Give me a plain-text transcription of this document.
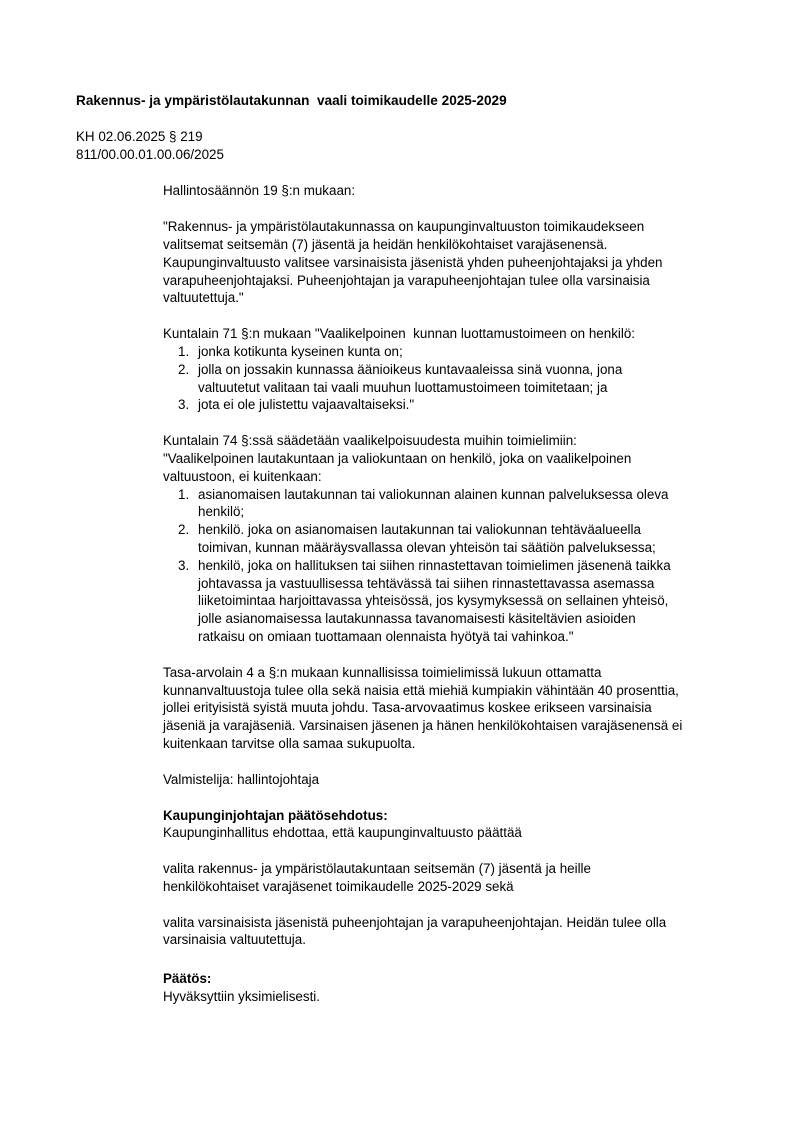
Rakennus- ja ympäristölautakunnan  vaali toimikaudelle 2025-2029
KH 02.06.2025 § 219
811/00.00.01.00.06/2025
Hallintosäännön 19 §:n mukaan:
"Rakennus- ja ympäristölautakunnassa on kaupunginvaltuuston toimikaudekseen
valitsemat seitsemän (7) jäsentä ja heidän henkilökohtaiset varajäsenensä.
Kaupunginvaltuusto valitsee varsinaisista jäsenistä yhden puheenjohtajaksi ja yhden
varapuheenjohtajaksi. Puheenjohtajan ja varapuheenjohtajan tulee olla varsinaisia
valtuutettuja."
Kuntalain 71 §:n mukaan "Vaalikelpoinen  kunnan luottamustoimeen on henkilö:
1. jonka kotikunta kyseinen kunta on;
2. jolla on jossakin kunnassa äänioikeus kuntavaaleissa sinä vuonna, jona
valtuutetut valitaan tai vaali muuhun luottamustoimeen toimitetaan; ja
3. jota ei ole julistettu vajaavaltaiseksi."
Kuntalain 74 §:ssä säädetään vaalikelpoisuudesta muihin toimielimiin:
"Vaalikelpoinen lautakuntaan ja valiokuntaan on henkilö, joka on vaalikelpoinen
valtuustoon, ei kuitenkaan:
1. asianomaisen lautakunnan tai valiokunnan alainen kunnan palveluksessa oleva
henkilö;
2. henkilö. joka on asianomaisen lautakunnan tai valiokunnan tehtäväalueella
toimivan, kunnan määräysvallassa olevan yhteisön tai säätiön palveluksessa;
3. henkilö, joka on hallituksen tai siihen rinnastettavan toimielimen jäsenenä taikka
johtavassa ja vastuullisessa tehtävässä tai siihen rinnastettavassa asemassa
liiketoimintaa harjoittavassa yhteisössä, jos kysymyksessä on sellainen yhteisö,
jolle asianomaisessa lautakunnassa tavanomaisesti käsiteltävien asioiden
ratkaisu on omiaan tuottamaan olennaista hyötyä tai vahinkoa."
Tasa-arvolain 4 a §:n mukaan kunnallisissa toimielimissä lukuun ottamatta
kunnanvaltuustoja tulee olla sekä naisia että miehiä kumpiakin vähintään 40 prosenttia,
jollei erityisistä syistä muuta johdu. Tasa-arvovaatimus koskee erikseen varsinaisia
jäseniä ja varajäseniä. Varsinaisen jäsenen ja hänen henkilökohtaisen varajäsenensä ei
kuitenkaan tarvitse olla samaa sukupuolta.
Valmistelija: hallintojohtaja
Kaupunginjohtajan päätösehdotus:
Kaupunginhallitus ehdottaa, että kaupunginvaltuusto päättää
valita rakennus- ja ympäristölautakuntaan seitsemän (7) jäsentä ja heille
henkilökohtaiset varajäsenet toimikaudelle 2025-2029 sekä
valita varsinaisista jäsenistä puheenjohtajan ja varapuheenjohtajan. Heidän tulee olla
varsinaisia valtuutettuja.
Päätös:
Hyväksyttiin yksimielisesti.
